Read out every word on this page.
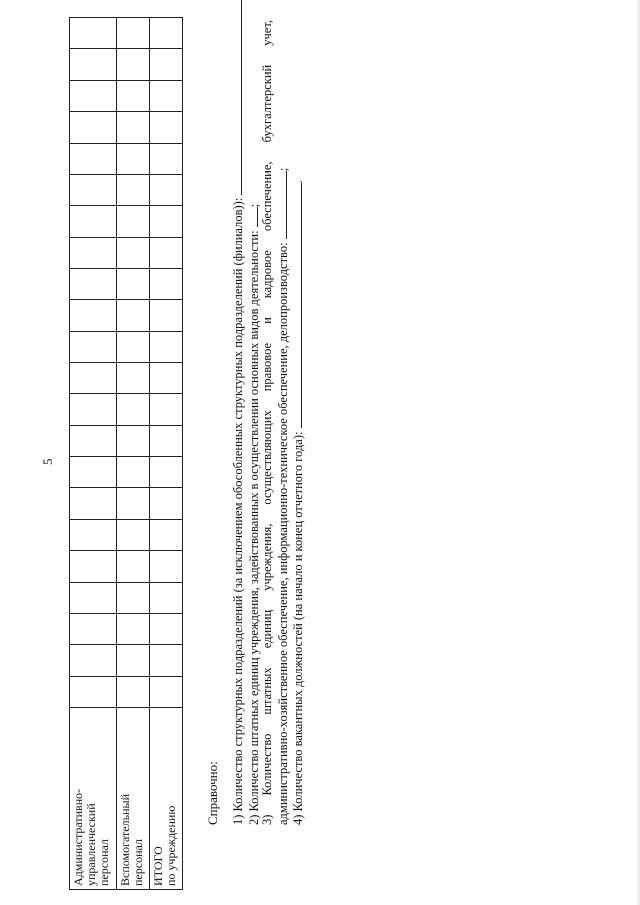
5
Административно- управленческий персонал																						

Вспомогательный персонал																						

ИТОГО по учреждению																						

Справочно: 1) Количество структурных подразделений (за исключением обособленных структурных подразделений (филиалов)): 2) Количество штатных единиц учреждения, задействованных в осуществлении основных видов деятельности: ; 3) Количество штатных единиц учреждения, осуществляющих правовое и кадровое обеспечение, бухгалтерский учет, административно-хозяйственное обеспечение, информационно-техническое обеспечение, делопроизводство: ;
4) Количество вакантных должностей (на начало и конец отчетного года): .
